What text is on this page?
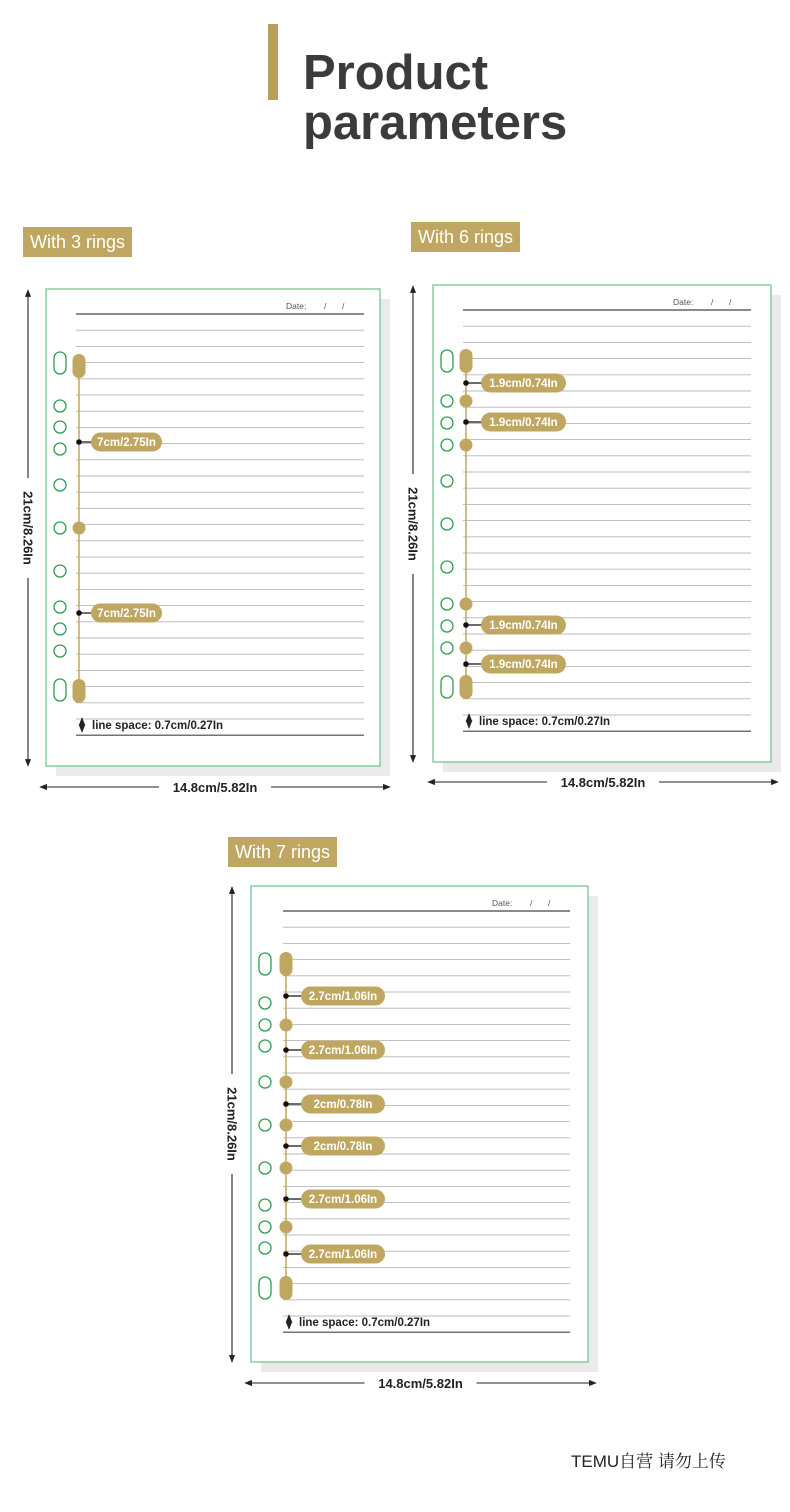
Product
parameters
With 3 rings	With 6 rings
With 7 rings
Date: / /
7cm/2.75In
7cm/2.75In
line space: 0.7cm/0.27In
21cm/8.26In
14.8cm/5.82In
Date: / /
1.9cm/0.74In
1.9cm/0.74In
1.9cm/0.74In
1.9cm/0.74In
line space: 0.7cm/0.27In
21cm/8.26In
14.8cm/5.82In
Date: / /
2.7cm/1.06In
2.7cm/1.06In
2cm/0.78In
2cm/0.78In
2.7cm/1.06In
2.7cm/1.06In
line space: 0.7cm/0.27In
21cm/8.26In
14.8cm/5.82In
TEMU自营 请勿上传
